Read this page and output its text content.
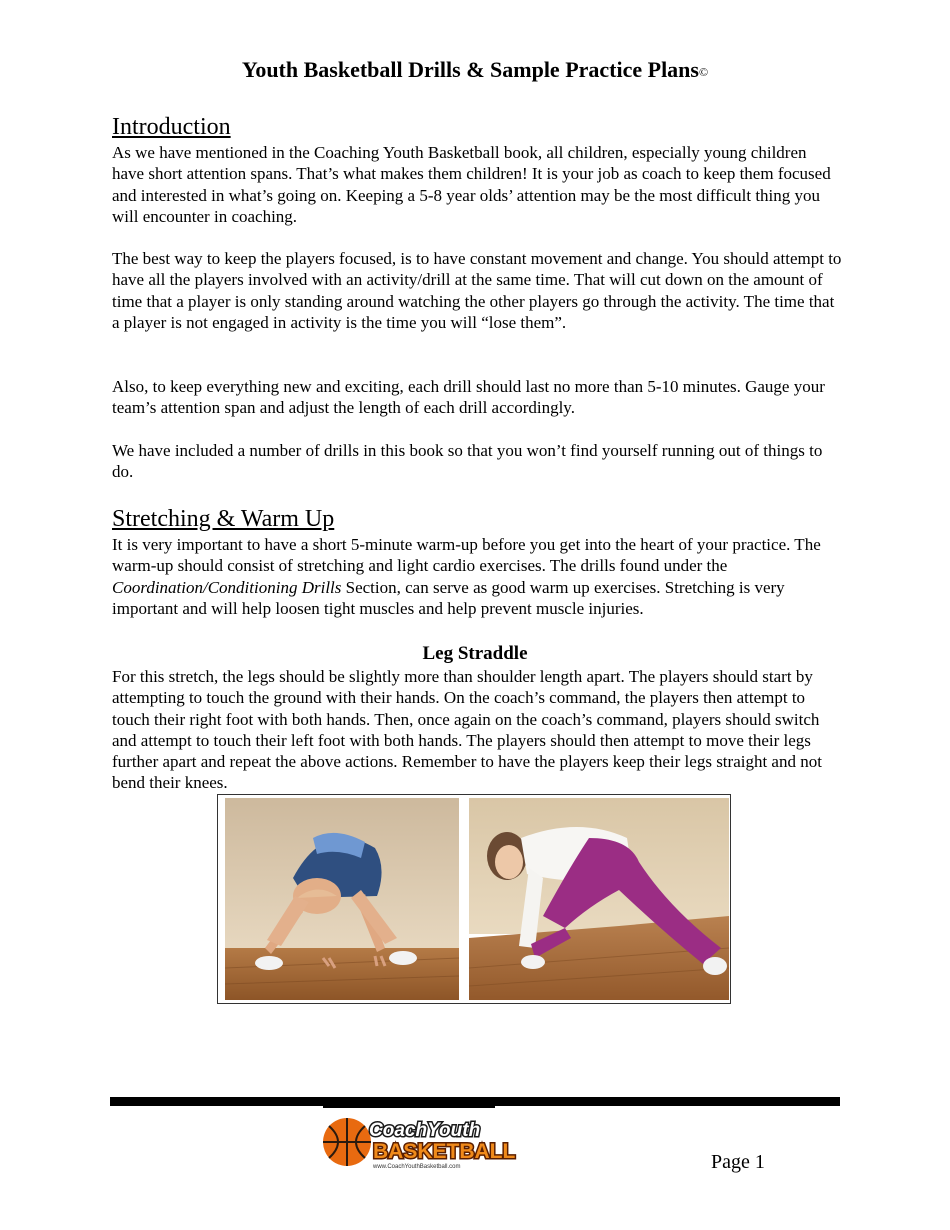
Youth Basketball Drills & Sample Practice Plans©
Introduction

As we have mentioned in the Coaching Youth Basketball book, all children, especially young children have short attention spans. That’s what makes them children! It is your job as coach to keep them focused and interested in what’s going on. Keeping a 5-8 year olds’ attention may be the most difficult thing you will encounter in coaching.

The best way to keep the players focused, is to have constant movement and change. You should attempt to have all the players involved with an activity/drill at the same time. That will cut down on the amount of time that a player is only standing around watching the other players go through the activity. The time that a player is not engaged in activity is the time you will “lose them”.

Also, to keep everything new and exciting, each drill should last no more than 5-10 minutes. Gauge your team’s attention span and adjust the length of each drill accordingly.

We have included a number of drills in this book so that you won’t find yourself running out of things to do.

Stretching & Warm Up

It is very important to have a short 5-minute warm-up before you get into the heart of your practice. The warm-up should consist of stretching and light cardio exercises. The drills found under the Coordination/Conditioning Drills Section, can serve as good warm up exercises. Stretching is very important and will help loosen tight muscles and help prevent muscle injuries.

Leg Straddle

For this stretch, the legs should be slightly more than shoulder length apart. The players should start by attempting to touch the ground with their hands. On the coach’s command, the players then attempt to touch their right foot with both hands. Then, once again on the coach’s command, players should switch and attempt to touch their left foot with both hands. The players should then attempt to move their legs further apart and repeat the above actions. Remember to have the players keep their legs straight and not bend their knees.

CoachYouth
BASKETBALL
www.CoachYouthBasketball.com	Page 1
